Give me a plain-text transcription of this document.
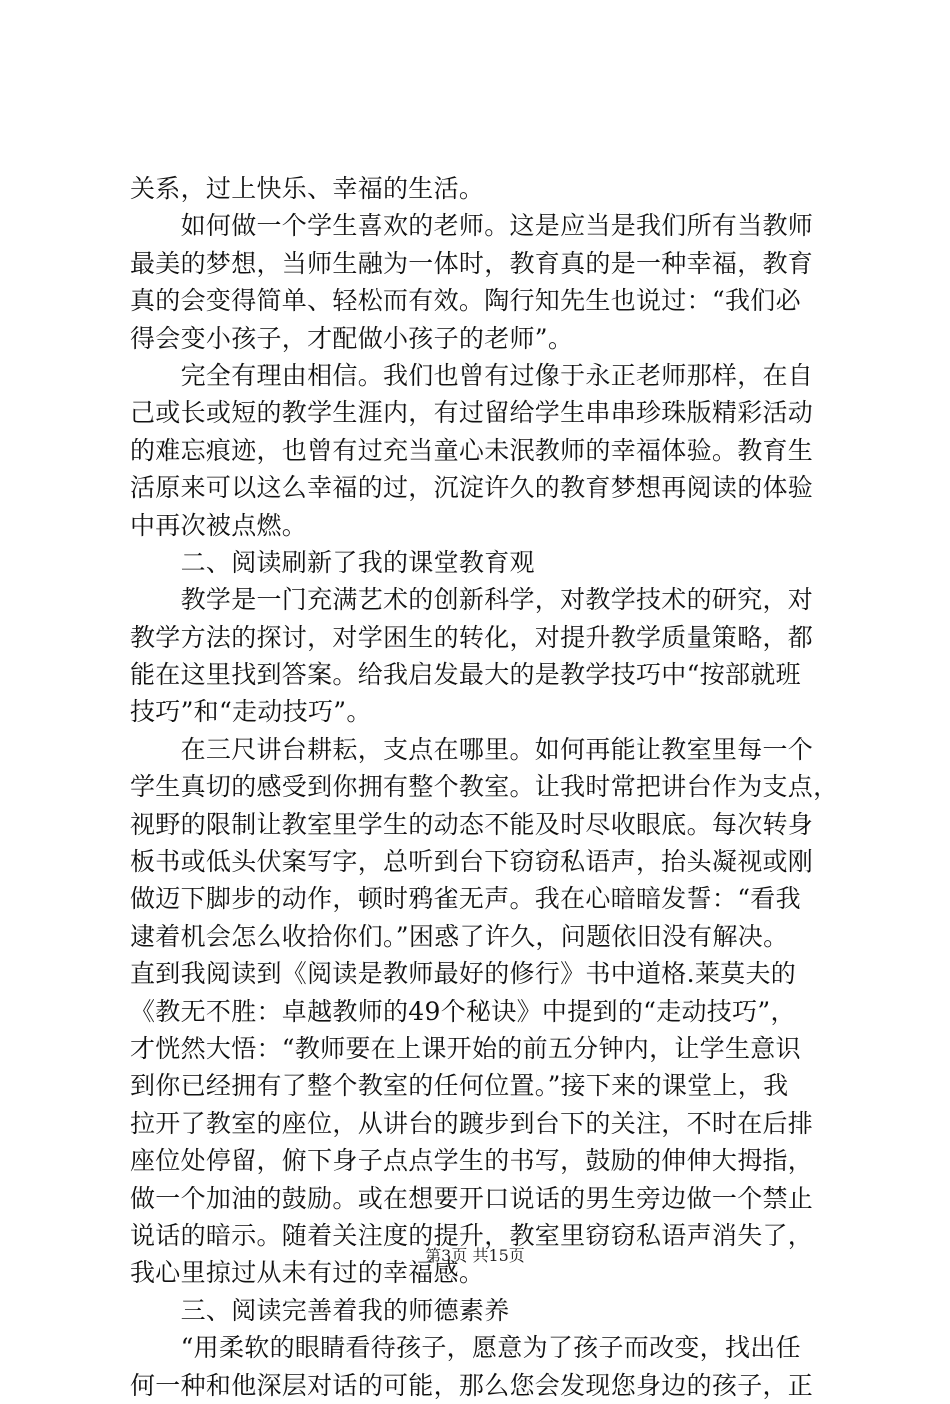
关系，过上快乐、幸福的生活。
　　如何做一个学生喜欢的老师。这是应当是我们所有当教师
最美的梦想，当师生融为一体时，教育真的是一种幸福，教育
真的会变得简单、轻松而有效。陶行知先生也说过：“我们必
得会变小孩子，才配做小孩子的老师”。
　　完全有理由相信。我们也曾有过像于永正老师那样，在自
己或长或短的教学生涯内，有过留给学生串串珍珠版精彩活动
的难忘痕迹，也曾有过充当童心未泯教师的幸福体验。教育生
活原来可以这么幸福的过，沉淀许久的教育梦想再阅读的体验
中再次被点燃。
　　二、阅读刷新了我的课堂教育观
　　教学是一门充满艺术的创新科学，对教学技术的研究，对
教学方法的探讨，对学困生的转化，对提升教学质量策略，都
能在这里找到答案。给我启发最大的是教学技巧中“按部就班
技巧”和“走动技巧”。
　　在三尺讲台耕耘，支点在哪里。如何再能让教室里每一个
学生真切的感受到你拥有整个教室。让我时常把讲台作为支点，
视野的限制让教室里学生的动态不能及时尽收眼底。每次转身
板书或低头伏案写字，总听到台下窃窃私语声，抬头凝视或刚
做迈下脚步的动作，顿时鸦雀无声。我在心暗暗发誓：“看我
逮着机会怎么收拾你们。”困惑了许久，问题依旧没有解决。
直到我阅读到《阅读是教师最好的修行》书中道格.莱莫夫的
《教无不胜：卓越教师的49个秘诀》中提到的“走动技巧”，
才恍然大悟：“教师要在上课开始的前五分钟内，让学生意识
到你已经拥有了整个教室的任何位置。”接下来的课堂上，我
拉开了教室的座位，从讲台的踱步到台下的关注，不时在后排
座位处停留，俯下身子点点学生的书写，鼓励的伸伸大拇指，
做一个加油的鼓励。或在想要开口说话的男生旁边做一个禁止
说话的暗示。随着关注度的提升，教室里窃窃私语声消失了，
我心里掠过从未有过的幸福感。
　　三、阅读完善着我的师德素养
　　“用柔软的眼睛看待孩子，愿意为了孩子而改变，找出任
何一种和他深层对话的可能，那么您会发现您身边的孩子，正
第3页 共15页
